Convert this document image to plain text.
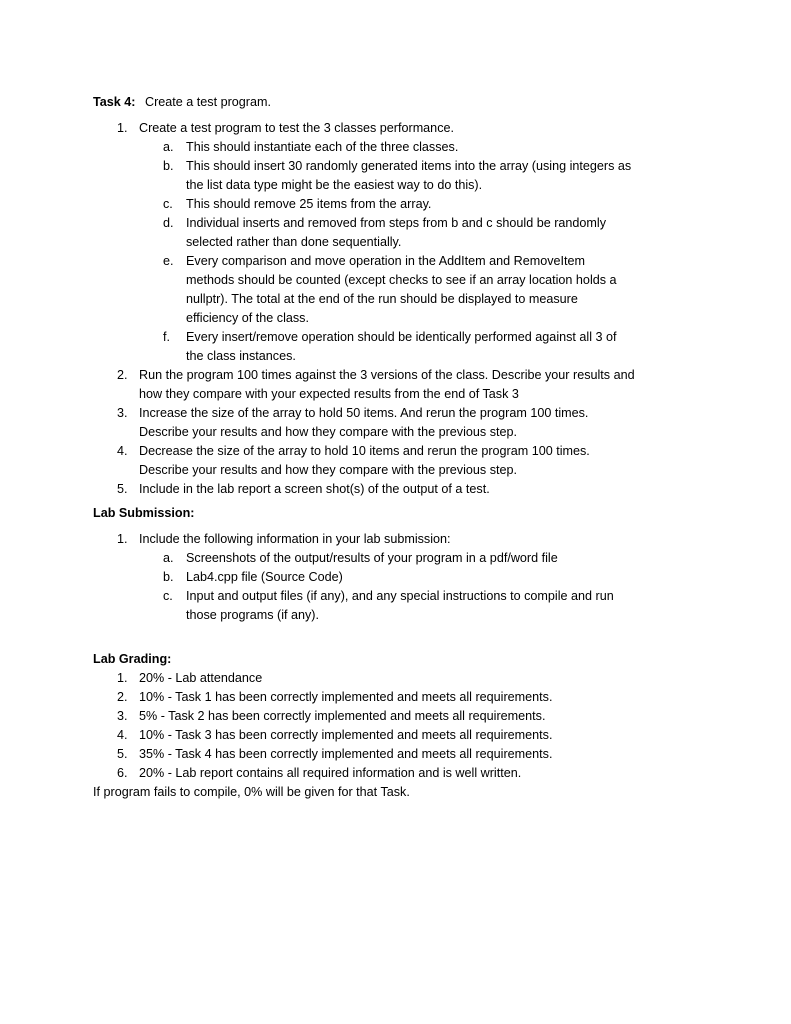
Task 4: Create a test program.
1. Create a test program to test the 3 classes performance.
a. This should instantiate each of the three classes.
b. This should insert 30 randomly generated items into the array (using integers as
the list data type might be the easiest way to do this).
c. This should remove 25 items from the array.
d. Individual inserts and removed from steps from b and c should be randomly
selected rather than done sequentially.
e. Every comparison and move operation in the AddItem and RemoveItem
methods should be counted (except checks to see if an array location holds a
nullptr). The total at the end of the run should be displayed to measure
efficiency of the class.
f. Every insert/remove operation should be identically performed against all 3 of
the class instances.
2. Run the program 100 times against the 3 versions of the class. Describe your results and
how they compare with your expected results from the end of Task 3
3. Increase the size of the array to hold 50 items. And rerun the program 100 times.
Describe your results and how they compare with the previous step.
4. Decrease the size of the array to hold 10 items and rerun the program 100 times.
Describe your results and how they compare with the previous step.
5. Include in the lab report a screen shot(s) of the output of a test.
Lab Submission:
1. Include the following information in your lab submission:
a. Screenshots of the output/results of your program in a pdf/word file
b. Lab4.cpp file (Source Code)
c. Input and output files (if any), and any special instructions to compile and run
those programs (if any).
Lab Grading:
1. 20% - Lab attendance
2. 10% - Task 1 has been correctly implemented and meets all requirements.
3. 5% - Task 2 has been correctly implemented and meets all requirements.
4. 10% - Task 3 has been correctly implemented and meets all requirements.
5. 35% - Task 4 has been correctly implemented and meets all requirements.
6. 20% - Lab report contains all required information and is well written.
If program fails to compile, 0% will be given for that Task.
